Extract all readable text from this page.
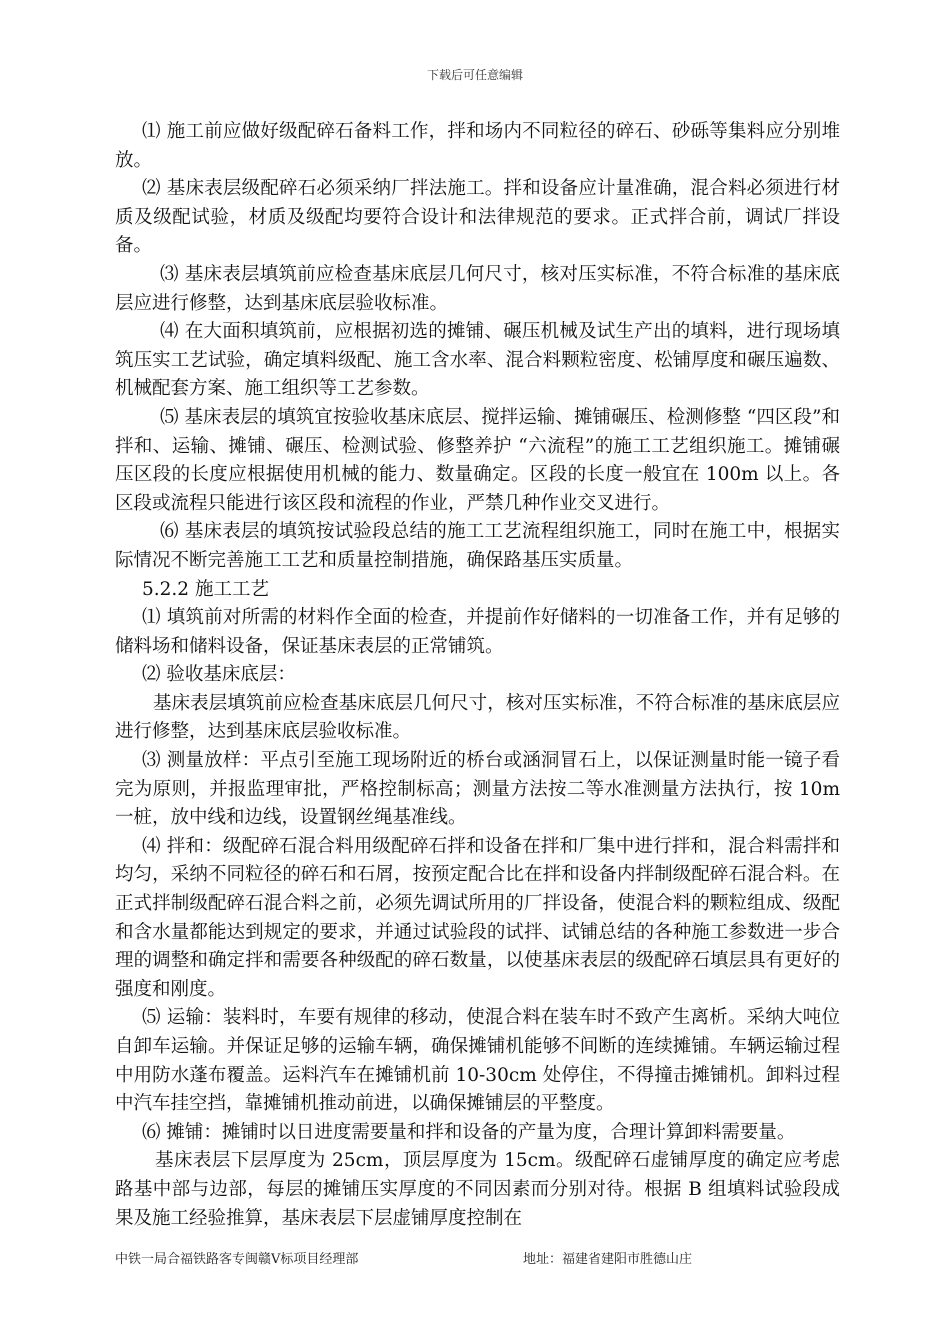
下载后可任意编辑

⑴ 施工前应做好级配碎石备料工作，拌和场内不同粒径的碎石、砂砾等集料应分别堆放。

⑵ 基床表层级配碎石必须采纳厂拌法施工。拌和设备应计量准确，混合料必须进行材质及级配试验，材质及级配均要符合设计和法律规范的要求。正式拌合前，调试厂拌设备。

⑶ 基床表层填筑前应检查基床底层几何尺寸，核对压实标准，不符合标准的基床底层应进行修整，达到基床底层验收标准。

⑷ 在大面积填筑前，应根据初选的摊铺、碾压机械及试生产出的填料，进行现场填筑压实工艺试验，确定填料级配、施工含水率、混合料颗粒密度、松铺厚度和碾压遍数、机械配套方案、施工组织等工艺参数。

⑸ 基床表层的填筑宜按验收基床底层、搅拌运输、摊铺碾压、检测修整 “四区段”和拌和、运输、摊铺、碾压、检测试验、修整养护 “六流程”的施工工艺组织施工。摊铺碾压区段的长度应根据使用机械的能力、数量确定。区段的长度一般宜在 100m 以上。各区段或流程只能进行该区段和流程的作业，严禁几种作业交叉进行。

⑹ 基床表层的填筑按试验段总结的施工工艺流程组织施工，同时在施工中，根据实际情况不断完善施工工艺和质量控制措施，确保路基压实质量。

5.2.2 施工工艺

⑴ 填筑前对所需的材料作全面的检查，并提前作好储料的一切准备工作，并有足够的储料场和储料设备，保证基床表层的正常铺筑。

⑵ 验收基床底层：

基床表层填筑前应检查基床底层几何尺寸，核对压实标准，不符合标准的基床底层应进行修整，达到基床底层验收标准。

⑶ 测量放样：平点引至施工现场附近的桥台或涵洞冒石上，以保证测量时能一镜子看完为原则，并报监理审批，严格控制标高；测量方法按二等水准测量方法执行，按 10m 一桩，放中线和边线，设置钢丝绳基准线。

⑷ 拌和：级配碎石混合料用级配碎石拌和设备在拌和厂集中进行拌和，混合料需拌和均匀，采纳不同粒径的碎石和石屑，按预定配合比在拌和设备内拌制级配碎石混合料。在正式拌制级配碎石混合料之前，必须先调试所用的厂拌设备，使混合料的颗粒组成、级配和含水量都能达到规定的要求，并通过试验段的试拌、试铺总结的各种施工参数进一步合理的调整和确定拌和需要各种级配的碎石数量，以使基床表层的级配碎石填层具有更好的强度和刚度。

⑸ 运输：装料时，车要有规律的移动，使混合料在装车时不致产生离析。采纳大吨位自卸车运输。并保证足够的运输车辆，确保摊铺机能够不间断的连续摊铺。车辆运输过程中用防水蓬布覆盖。运料汽车在摊铺机前 10-30cm 处停住，不得撞击摊铺机。卸料过程中汽车挂空挡，靠摊铺机推动前进，以确保摊铺层的平整度。

⑹ 摊铺：摊铺时以日进度需要量和拌和设备的产量为度，合理计算卸料需要量。

基床表层下层厚度为 25cm，顶层厚度为 15cm。级配碎石虚铺厚度的确定应考虑路基中部与边部，每层的摊铺压实厚度的不同因素而分别对待。根据 B 组填料试验段成果及施工经验推算，基床表层下层虚铺厚度控制在

中铁一局合福铁路客专闽赣Ⅴ标项目经理部	地址：福建省建阳市胜德山庄
